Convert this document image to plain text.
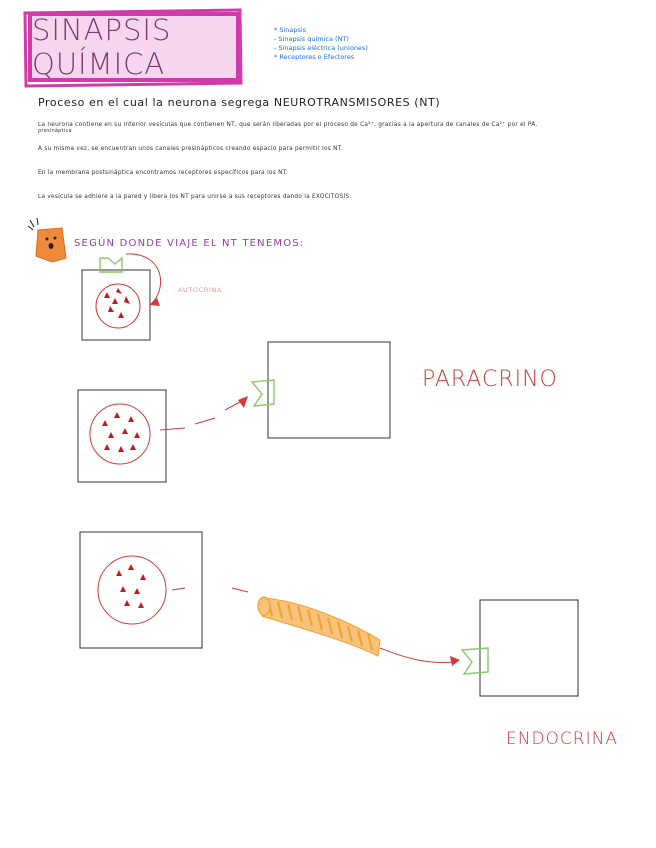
SINAPSIS QUÍMICA
* Sinapsis
- Sinapsis química (NT)
- Sinapsis eléctrica (uniones)
* Receptores o Efectores
Proceso en el cual la neurona segrega NEUROTRANSMISORES (NT)
La neurona contiene en su interior vesículas que contienen NT, que serán liberadas por el proceso de Ca²⁺, gracias a la apertura de canales de Ca²⁺ por el PA.
presináptica
A su misma vez, se encuentran unos canales presinápticos creando espacio para permitir los NT.
En la membrana postsináptica encontramos receptores específicos para los NT.
La vesícula se adhiere a la pared y libera los NT para unirse a sus receptores dando la EXOCITOSIS.
SEGÚN DONDE VIAJE EL NT TENEMOS:
AUTOCRINA
PARACRINO
ENDOCRINA
